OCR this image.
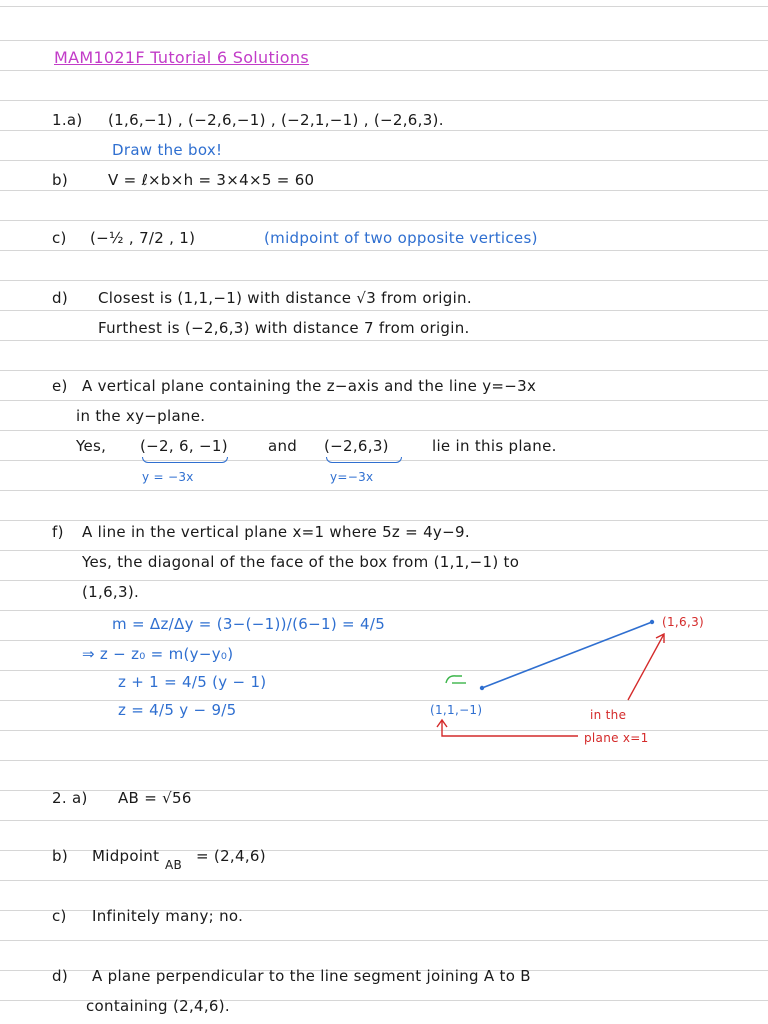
MAM1021F Tutorial 6 Solutions
1.a) (1,6,−1) , (−2,6,−1) , (−2,1,−1) , (−2,6,3).
Draw the box!
b)	V = ℓ×b×h = 3×4×5 = 60
c) (−½ , 7/2 , 1)	(midpoint of two opposite vertices)
d) Closest is (1,1,−1) with distance √3 from origin.
Furthest is (−2,6,3) with distance 7 from origin.
e) A vertical plane containing the z−axis and the line y=−3x
in the xy−plane.
Yes, (−2, 6, −1)	and (−2,6,3)	lie in this plane.
y = −3x	y=−3x
f) A line in the vertical plane x=1 where 5z = 4y−9.
Yes, the diagonal of the face of the box from (1,1,−1) to
(1,6,3).
m = Δz/Δy = (3−(−1))/(6−1) = 4/5
⇒ z − z₀ = m(y−y₀)
z + 1 = 4/5 (y − 1)
z = 4/5 y − 9/5	(1,1,−1)
(1,6,3)
in the
plane x=1
2. a) AB = √56
b) Midpoint AB = (2,4,6)
c) Infinitely many; no.
d) A plane perpendicular to the line segment joining A to B
containing (2,4,6).
